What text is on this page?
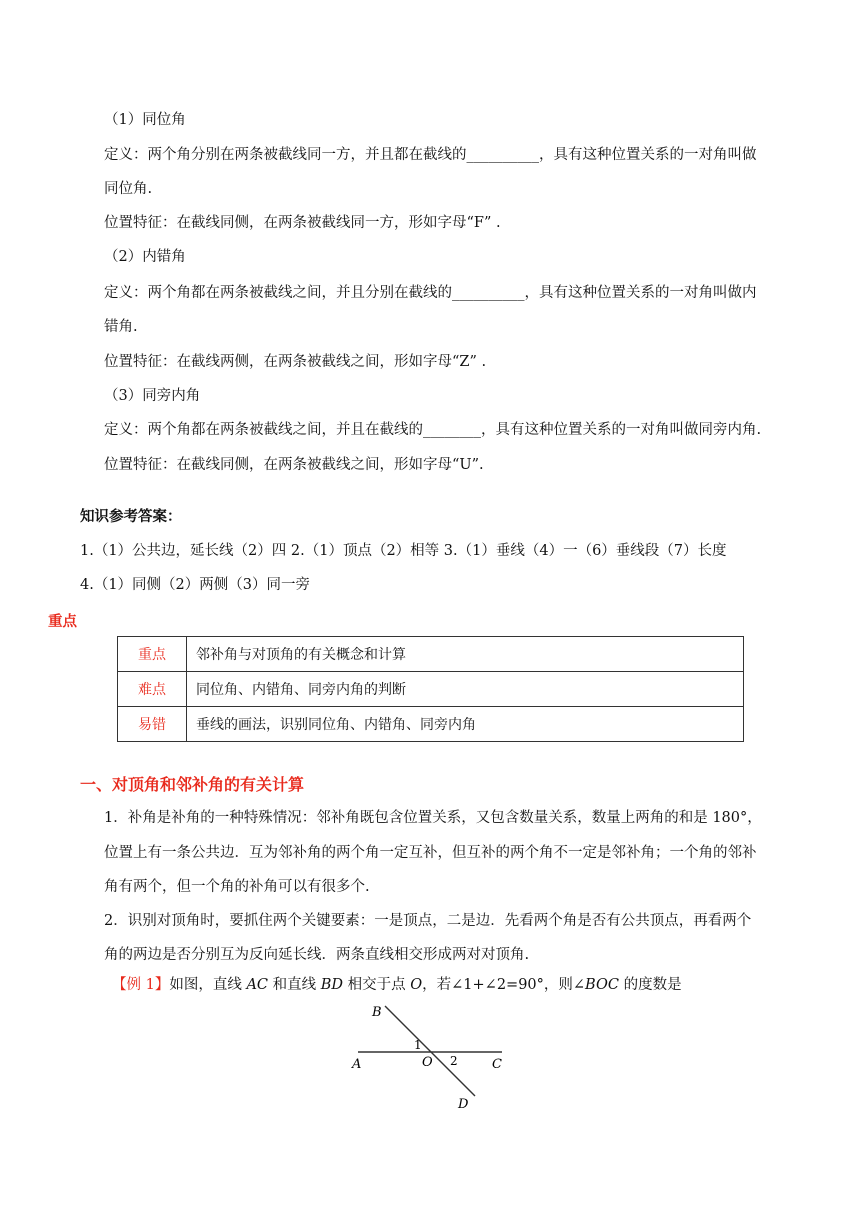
（1）同位角
定义：两个角分别在两条被截线同一方，并且都在截线的__________，具有这种位置关系的一对角叫做
同位角.
位置特征：在截线同侧，在两条被截线同一方，形如字母“F” .
（2）内错角
定义：两个角都在两条被截线之间，并且分别在截线的__________，具有这种位置关系的一对角叫做内
错角.
位置特征：在截线两侧，在两条被截线之间，形如字母“Z” .
（3）同旁内角
定义：两个角都在两条被截线之间，并且在截线的________，具有这种位置关系的一对角叫做同旁内角.
位置特征：在截线同侧，在两条被截线之间，形如字母“U”.
知识参考答案：
1.（1）公共边，延长线（2）四 2.（1）顶点（2）相等 3.（1）垂线（4）一（6）垂线段（7）长度
4.（1）同侧（2）两侧（3）同一旁
重点
重点	邻补角与对顶角的有关概念和计算
难点	同位角、内错角、同旁内角的判断
易错	垂线的画法，识别同位角、内错角、同旁内角
一、对顶角和邻补角的有关计算
1．补角是补角的一种特殊情况：邻补角既包含位置关系，又包含数量关系，数量上两角的和是 180°，
位置上有一条公共边．互为邻补角的两个角一定互补，但互补的两个角不一定是邻补角；一个角的邻补
角有两个，但一个角的补角可以有很多个.
2．识别对顶角时，要抓住两个关键要素：一是顶点，二是边．先看两个角是否有公共顶点，再看两个
角的两边是否分别互为反向延长线．两条直线相交形成两对对顶角.
【例 1】如图，直线 AC 和直线 BD 相交于点 O，若∠1+∠2=90°，则∠BOC 的度数是
B
A	O
1
2	C
D
